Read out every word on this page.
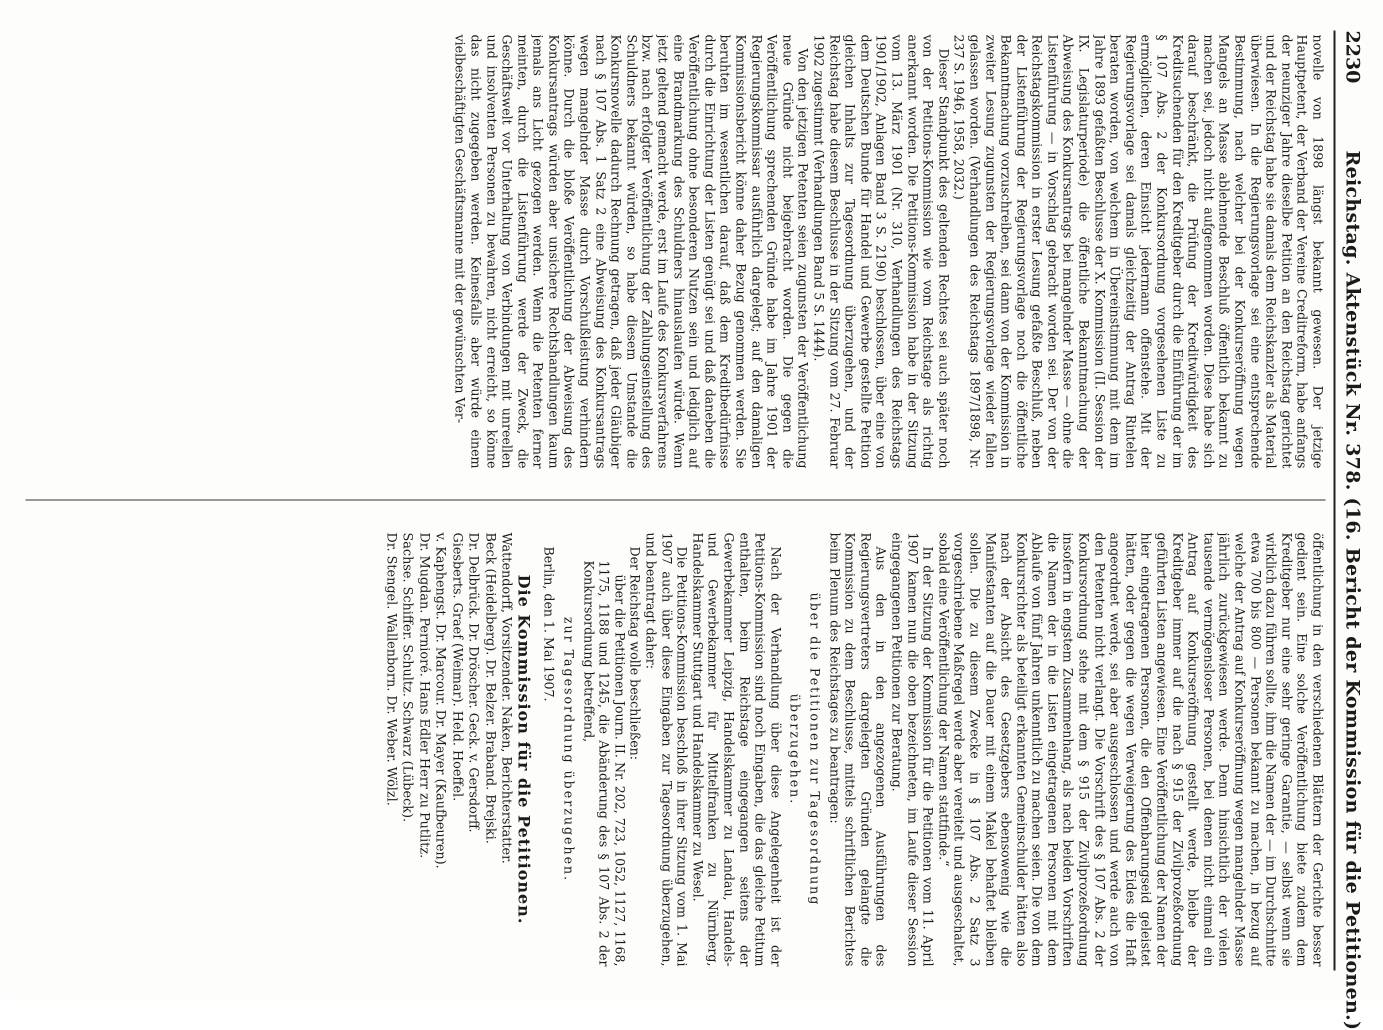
2230
Reichstag. Aktenstück Nr. 378. (16. Bericht der Kommission für die Petitionen.)

novelle von 1898 längst bekannt gewesen. Der jetzige Hauptpetent, der Verband der Vereine Creditreform, habe anfangs der neunziger Jahre dieselbe Petition an den Reichstag gerichtet und der Reichstag habe sie damals dem Reichskanzler als Material überwiesen. In die Regierungsvorlage sei eine entsprechende Bestimmung, nach welcher bei der Konkurseröffnung wegen Mangels an Masse ablehnende Beschluß öffentlich bekannt zu machen sei, jedoch nicht aufgenommen worden. Diese habe sich darauf beschränkt, die Prüfung der Kreditwürdigkeit des Kreditsuchenden für den Kreditgeber durch die Einführung der im § 107 Abs. 2 der Konkursordnung vorgesehenen Liste zu ermöglichen, deren Einsicht jedermann offenstehe. Mit der Regierungsvorlage sei damals gleichzeitig der Antrag Rintelen beraten worden, von welchem in Übereinstimmung mit dem im Jahre 1893 gefaßten Beschlusse der X. Kommission (II. Session der IX. Legislaturperiode) die öffentliche Bekanntmachung der Abweisung des Konkursantrags bei mangelnder Masse — ohne die Listenführung — in Vorschlag gebracht worden sei. Der von der Reichstagskommission in erster Lesung gefaßte Beschluß, neben der Listenführung der Regierungsvorlage noch die öffentliche Bekanntmachung vorzuschreiben, sei dann von der Kommission in zweiter Lesung zugunsten der Regierungsvorlage wieder fallen gelassen worden. (Verhandlungen des Reichstags 1897/1898, Nr. 237 S. 1946, 1958, 2032.)

Dieser Standpunkt des geltenden Rechtes sei auch später noch von der Petitions-Kommission wie vom Reichstage als richtig anerkannt worden. Die Petitions-Kommission habe in der Sitzung vom 13. März 1901 (Nr. 310, Verhandlungen des Reichstags 1901/1902, Anlagen Band 3 S. 2190) beschlossen, über eine von dem Deutschen Bunde für Handel und Gewerbe gestellte Petition gleichen Inhalts zur Tagesordnung überzugehen, und der Reichstag habe diesem Beschlusse in der Sitzung vom 27. Februar 1902 zugestimmt (Verhandlungen Band 5 S. 1444).

Von den jetzigen Petenten seien zugunsten der Veröffentlichung neue Gründe nicht beigebracht worden. Die gegen die Veröffentlichung sprechenden Gründe habe im Jahre 1901 der Regierungskommissar ausführlich dargelegt; auf den damaligen Kommissionsbericht könne daher Bezug genommen werden. Sie beruhten im wesentlichen darauf, daß dem Kreditbedürfnisse durch die Einrichtung der Listen genügt sei und daß daneben die Veröffentlichung ohne besonderen Nutzen sein und lediglich auf eine Brandmarkung des Schuldners hinauslaufen würde. Wenn jetzt geltend gemacht werde, erst im Laufe des Konkursverfahrens bzw. nach erfolgter Veröffentlichung der Zahlungseinstellung des Schuldners bekannt würden, so habe diesem Umstande die Konkursnovelle dadurch Rechnung getragen, daß jeder Gläubiger nach § 107 Abs. 1 Satz 2 eine Abweisung des Konkursantrags wegen mangelnder Masse durch Vorschußleistung verhindern könne. Durch die bloße Veröffentlichung der Abweisung des Konkursantrags würden aber unsichere Rechtshandlungen kaum jemals ans Licht gezogen werden. Wenn die Petenten ferner meinten, durch die Listenführung werde der Zweck, die Geschäftswelt vor Unterhaltung von Verbindungen mit unreellen und insolventen Personen zu bewahren, nicht erreicht, so könne das nicht zugegeben werden. Keinesfalls aber würde einem vielbeschäftigten Geschäftsmanne mit der gewünschten Ver-

öffentlichung in den verschiedenen Blättern der Gerichte besser gedient sein. Eine solche Veröffentlichung biete zudem dem Kreditgeber nur eine sehr geringe Garantie, — selbst wenn sie wirklich dazu führen sollte, ihm die Namen der — im Durchschnitte etwa 700 bis 800 — Personen bekannt zu machen, in bezug auf welche der Antrag auf Konkurseröffnung wegen mangelnder Masse jährlich zurückgewiesen werde. Denn hinsichtlich der vielen tausende vermögensloser Personen, bei denen nicht einmal ein Antrag auf Konkurseröffnung gestellt werde, bleibe der Kreditgeber immer auf die nach § 915 der Zivilprozeßordnung geführten Listen angewiesen. Eine Veröffentlichung der Namen der hier eingetragenen Personen, die den Offenbarungseid geleistet hätten, oder gegen die wegen Verweigerung des Eides die Haft angeordnet werde, sei aber ausgeschlossen und werde auch von den Petenten nicht verlangt. Die Vorschrift des § 107 Abs. 2 der Konkursordnung stehe mit dem § 915 der Zivilprozeßordnung insofern in engstem Zusammenhang, als nach beiden Vorschriften die Namen der in die Listen eingetragenen Personen mit dem Ablaufe von fünf Jahren unkenntlich zu machen seien. Die von dem Konkursrichter als beteiligt erkannten Gemeinschulder hätten also nach der Absicht des Gesetzgebers ebensowenig wie die Manifestanten auf die Dauer mit einem Makel behaftet bleiben sollen. Die zu diesem Zwecke in § 107 Abs. 2 Satz 3 vorgeschriebene Maßregel werde aber vereitelt und ausgeschaltet, sobald eine Veröffentlichung der Namen stattfinde.“

In der Sitzung der Kommission für die Petitionen vom 11. April 1907 kamen nun die oben bezeichneten, im Laufe dieser Session eingegangenen Petitionen zur Beratung.

Aus den in den angezogenen Ausführungen des Regierungsvertreters dargelegten Gründen gelangte die Kommission zu dem Beschlusse, mittels schriftlichen Berichtes beim Plenum des Reichstages zu beantragen:

über die Petitionen zur Tagesordnung

überzugehen.

Nach der Verhandlung über diese Angelegenheit ist der Petitions-Kommission sind noch Eingaben, die das gleiche Petitum enthalten, beim Reichstage eingegangen seitens der Gewerbekammer Leipzig, Handelskammer zu Landau, Handels- und Gewerbekammer für Mittelfranken zu Nürnberg, Handelskammer Stuttgart und Handelskammer zu Wesel.

Die Petitions-Kommission beschloß in ihrer Sitzung vom 1. Mai 1907 auch über diese Eingaben zur Tagesordnung überzugehen, und beantragt daher:

Der Reichstag wolle beschließen:

über die Petitionen Journ. II. Nr. 202, 723, 1052, 1127, 1168, 1175, 1188 und 1245, die Abänderung des § 107 Abs. 2 der Konkursordnung betreffend,

zur Tagesordnung überzugehen.

Berlin, den 1. Mai 1907.

Die Kommission für die Petitionen.

Wattendorff, Vorsitzender. Naken, Berichterstatter.

Beck (Heidelberg). Dr. Belzer. Braband. Brejski.

Dr. Delbrück. Dr. Dröscher. Geck. v. Gersdorff.

Giesberts. Graef (Weimar). Held. Hoeffel.

v. Kaphengst. Dr. Marcour. Dr. Mayer (Kaufbeuren).

Dr. Mugdan. Pernioré. Hans Edler Herr zu Putlitz.

Sachse. Schiffer. Schultz. Schwarz (Lübeck).

Dr. Stengel. Wallenborn. Dr. Weber. Wölzl.
